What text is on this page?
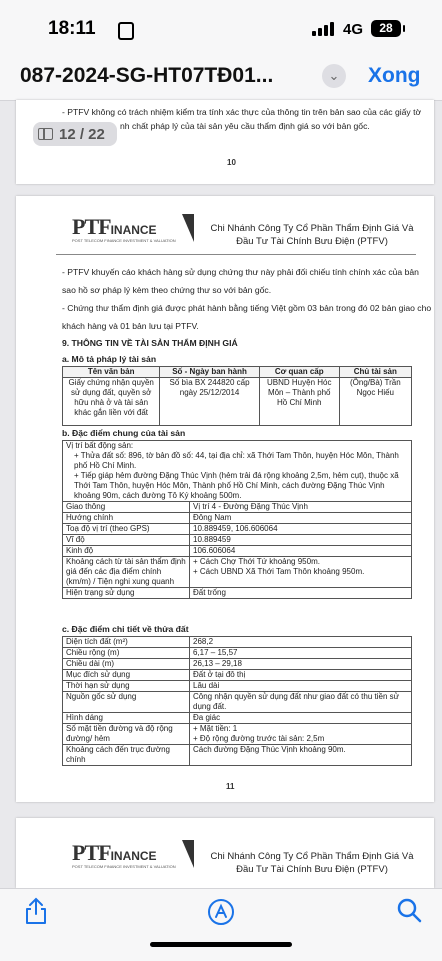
18:11	4G	28
087-2024-SG-HT07TĐ01...	⌄	Xong
- PTFV không có trách nhiệm kiểm tra tính xác thực của thông tin trên bản sao của các giấy tờ
nh chất pháp lý của tài sản yêu cầu thẩm định giá so với bản gốc.
10
12 / 22
PTFINANCE
POST TELECOM FINANCE INVESTMENT & VALUATION
Chi Nhánh Công Ty Cổ Phần Thẩm Định Giá Và
Đầu Tư Tài Chính Bưu Điện (PTFV)
- PTFV khuyến cáo khách hàng sử dụng chứng thư này phải đối chiếu tính chính xác của bản
sao hồ sơ pháp lý kèm theo chứng thư so với bản gốc.
- Chứng thư thẩm định giá được phát hành bằng tiếng Việt gồm 03 bản trong đó 02 bản giao cho
khách hàng và 01 bản lưu tại PTFV.
9. THÔNG TIN VỀ TÀI SẢN THẨM ĐỊNH GIÁ
a. Mô tả pháp lý tài sản
Tên văn bản	Số - Ngày ban hành	Cơ quan cấp	Chủ tài sản
Giấy chứng nhận quyền sử dụng đất, quyền sở hữu nhà ở và tài sản khác gắn liền với đất	Số bìa BX 244820 cấp ngày 25/12/2014	UBND Huyện Hóc Môn – Thành phố Hồ Chí Minh	(Ông/Bà) Trần Ngọc Hiếu
b. Đặc điểm chung của tài sản
Vị trí bất động sản:
+ Thửa đất số: 896, tờ bản đồ số: 44, tại địa chỉ: xã Thới Tam Thôn, huyện Hóc Môn, Thành phố Hồ Chí Minh.
+ Tiếp giáp hẻm đường Đặng Thúc Vịnh (hẻm trải đá rộng khoảng 2,5m, hẻm cụt), thuộc xã Thới Tam Thôn, huyện Hóc Môn, Thành phố Hồ Chí Minh, cách đường Đặng Thúc Vịnh khoảng 90m, cách đường Tô Ký khoảng 500m.	

Giao thông	Vị trí 4 - Đường Đặng Thúc Vịnh
Hướng chính	Đông Nam
Toạ độ vị trí (theo GPS)	10.889459, 106.606064
Vĩ độ	10.889459
Kinh độ	106.606064
Khoảng cách từ tài sản thẩm định giá đến các địa điểm chính (km/m) / Tiện nghi xung quanh	+ Cách Chợ Thới Tứ khoảng 950m.
+ Cách UBND Xã Thới Tam Thôn khoảng 950m.

Hiện trạng sử dụng	Đất trống
c. Đặc điểm chi tiết về thửa đất
Diện tích đất (m²)	268,2
Chiều rộng (m)	6,17 – 15,57
Chiều dài (m)	26,13 – 29,18
Mục đích sử dụng	Đất ở tại đô thị
Thời hạn sử dụng	Lâu dài
Nguồn gốc sử dụng	Công nhận quyền sử dụng đất như giao đất có thu tiền sử dụng đất.
Hình dáng	Đa giác
Số mặt tiền đường và độ rộng đường/ hẻm	+ Mặt tiền: 1
+ Độ rộng đường trước tài sản: 2,5m
Khoảng cách đến trục đường chính	Cách đường Đặng Thúc Vịnh khoảng 90m.
11
PTFINANCE
POST TELECOM FINANCE INVESTMENT & VALUATION
Chi Nhánh Công Ty Cổ Phần Thẩm Định Giá Và
Đầu Tư Tài Chính Bưu Điện (PTFV)
